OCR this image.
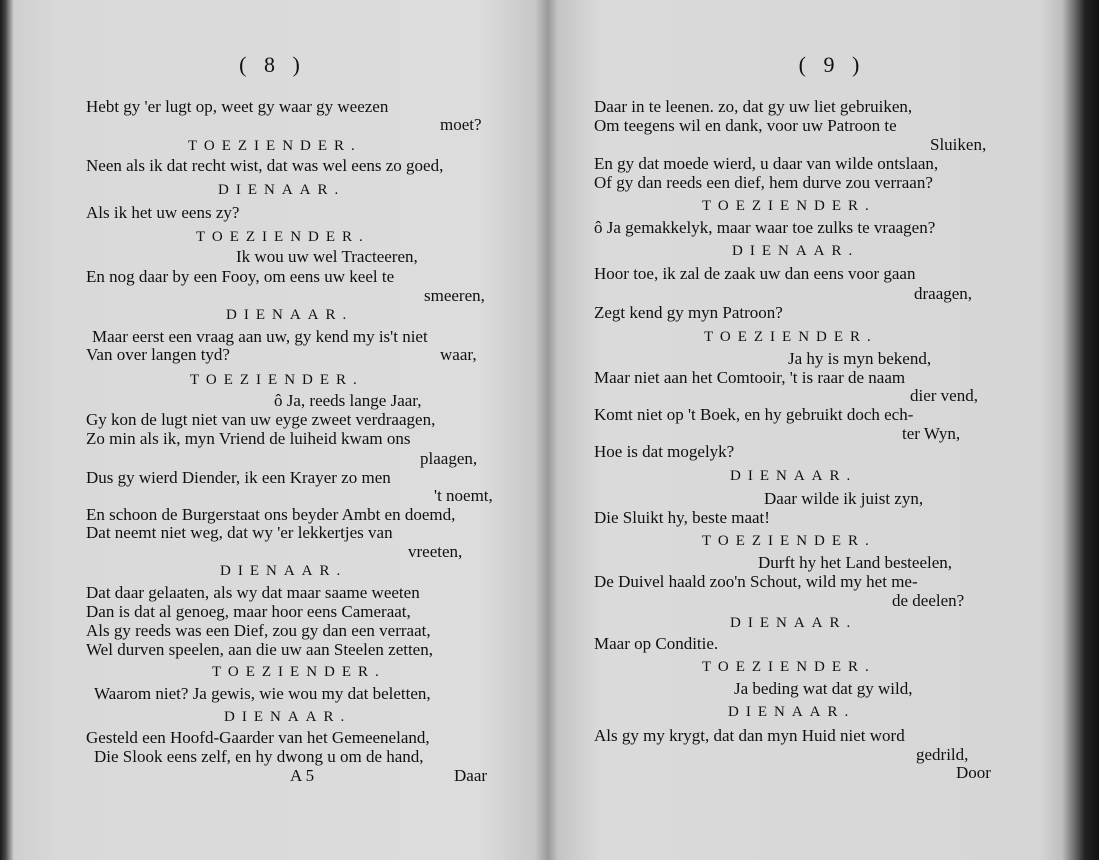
( 8 )
Hebt gy 'er lugt op, weet gy waar gy weezen
moet?
TOEZIENDER.
Neen als ik dat recht wist, dat was wel eens zo goed,
DIENAAR.
Als ik het uw eens zy?
TOEZIENDER.
Ik wou uw wel Tracteeren,
En nog daar by een Fooy, om eens uw keel te
smeeren,
DIENAAR.
Maar eerst een vraag aan uw, gy kend my is't niet
Van over langen tyd?	waar,
TOEZIENDER.
ô Ja, reeds lange Jaar,
Gy kon de lugt niet van uw eyge zweet verdraagen,
Zo min als ik, myn Vriend de luiheid kwam ons
plaagen,
Dus gy wierd Diender, ik een Krayer zo men
't noemt,
En schoon de Burgerstaat ons beyder Ambt en doemd,
Dat neemt niet weg, dat wy 'er lekkertjes van
vreeten,
DIENAAR.
Dat daar gelaaten, als wy dat maar saame weeten
Dan is dat al genoeg, maar hoor eens Cameraat,
Als gy reeds was een Dief, zou gy dan een verraat,
Wel durven speelen, aan die uw aan Steelen zetten,
TOEZIENDER.
Waarom niet? Ja gewis, wie wou my dat beletten,
DIENAAR.
Gesteld een Hoofd-Gaarder van het Gemeeneland,
Die Slook eens zelf, en hy dwong u om de hand,
A 5	Daar
( 9 )
Daar in te leenen. zo, dat gy uw liet gebruiken,
Om teegens wil en dank, voor uw Patroon te
Sluiken,
En gy dat moede wierd, u daar van wilde ontslaan,
Of gy dan reeds een dief, hem durve zou verraan?
TOEZIENDER.
ô Ja gemakkelyk, maar waar toe zulks te vraagen?
DIENAAR.
Hoor toe, ik zal de zaak uw dan eens voor gaan
draagen,
Zegt kend gy myn Patroon?
TOEZIENDER.
Ja hy is myn bekend,
Maar niet aan het Comtooir, 't is raar de naam
dier vend,
Komt niet op 't Boek, en hy gebruikt doch ech-
ter Wyn,
Hoe is dat mogelyk?
DIENAAR.
Daar wilde ik juist zyn,
Die Sluikt hy, beste maat!
TOEZIENDER.
Durft hy het Land besteelen,
De Duivel haald zoo'n Schout, wild my het me-
de deelen?
DIENAAR.
Maar op Conditie.
TOEZIENDER.
Ja beding wat dat gy wild,
DIENAAR.
Als gy my krygt, dat dan myn Huid niet word
gedrild,
Door
